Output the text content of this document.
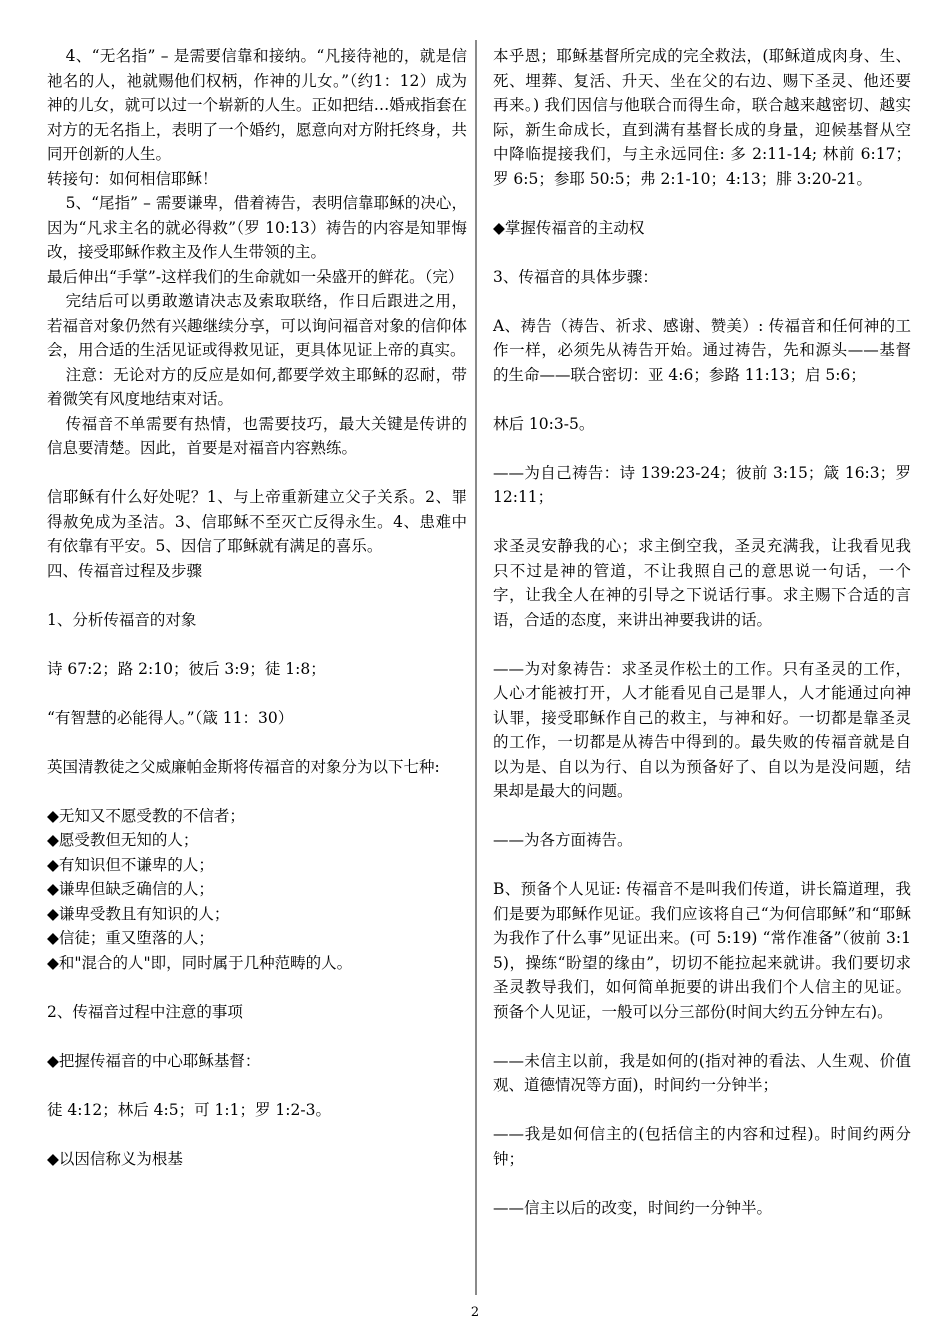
4、“无名指” – 是需要信靠和接纳。“凡接待祂的，就是信祂名的人，祂就赐他们权柄，作神的儿女。”（约1：12）成为神的儿女，就可以过一个崭新的人生。正如把结…婚戒指套在对方的无名指上，表明了一个婚约，愿意向对方附托终身，共同开创新的人生。

转接句：如何相信耶稣！

5、“尾指” – 需要谦卑，借着祷告，表明信靠耶稣的决心，因为“凡求主名的就必得救”（罗 10:13）祷告的内容是知罪悔改，接受耶稣作救主及作人生带领的主。

最后伸出“手掌”-这样我们的生命就如一朵盛开的鲜花。（完）

完结后可以勇敢邀请决志及索取联络，作日后跟进之用，若福音对象仍然有兴趣继续分享，可以询问福音对象的信仰体会，用合适的生活见证或得救见证，更具体见证上帝的真实。

注意：无论对方的反应是如何,都要学效主耶稣的忍耐，带着微笑有风度地结束对话。

传福音不单需要有热情，也需要技巧，最大关键是传讲的信息要清楚。因此，首要是对福音内容熟练。

信耶稣有什么好处呢？1、与上帝重新建立父子关系。2、罪得赦免成为圣洁。3、信耶稣不至灭亡反得永生。4、患难中有依靠有平安。5、因信了耶稣就有满足的喜乐。

四、传福音过程及步骤

1、分析传福音的对象

诗 67:2；路 2:10；彼后 3:9；徒 1:8；

“有智慧的必能得人。”（箴 11：30）

英国清教徒之父威廉帕金斯将传福音的对象分为以下七种:

◆无知又不愿受教的不信者；

◆愿受教但无知的人；

◆有知识但不谦卑的人；

◆谦卑但缺乏确信的人；

◆谦卑受教且有知识的人；

◆信徒；重又堕落的人；

◆和"混合的人"即，同时属于几种范畴的人。

2、传福音过程中注意的事项

◆把握传福音的中心耶稣基督：

徒 4:12；林后 4:5；可 1:1；罗 1:2-3。

◆以因信称义为根基

本乎恩；耶稣基督所完成的完全救法，(耶稣道成肉身、生、死、埋葬、复活、升天、坐在父的右边、赐下圣灵、他还要再来。) 我们因信与他联合而得生命，联合越来越密切、越实际，新生命成长，直到满有基督长成的身量，迎候基督从空中降临提接我们，与主永远同住: 多 2:11-14; 林前 6:17；罗 6:5；参耶 50:5；弗 2:1-10；4:13；腓 3:20-21。

◆掌握传福音的主动权

3、传福音的具体步骤：

A、祷告（祷告、祈求、感谢、赞美）: 传福音和任何神的工作一样，必须先从祷告开始。通过祷告，先和源头——基督的生命——联合密切：亚 4:6；参路 11:13；启 5:6；

林后 10:3-5。

——为自己祷告：诗 139:23-24；彼前 3:15；箴 16:3；罗 12:11；

求圣灵安静我的心；求主倒空我，圣灵充满我，让我看见我只不过是神的管道，不让我照自己的意思说一句话，一个字，让我全人在神的引导之下说话行事。求主赐下合适的言语，合适的态度，来讲出神要我讲的话。

——为对象祷告：求圣灵作松土的工作。只有圣灵的工作，人心才能被打开，人才能看见自己是罪人，人才能通过向神认罪，接受耶稣作自己的救主，与神和好。一切都是靠圣灵的工作，一切都是从祷告中得到的。最失败的传福音就是自以为是、自以为行、自以为预备好了、自以为是没问题，结果却是最大的问题。

——为各方面祷告。

B、预备个人见证: 传福音不是叫我们传道，讲长篇道理，我们是要为耶稣作见证。我们应该将自己“为何信耶稣”和“耶稣为我作了什么事”见证出来。(可 5:19) “常作准备”（彼前 3:15)，操练“盼望的缘由”，切切不能拉起来就讲。我们要切求圣灵教导我们，如何简单扼要的讲出我们个人信主的见证。预备个人见证，一般可以分三部份(时间大约五分钟左右)。

——未信主以前，我是如何的(指对神的看法、人生观、价值观、道德情况等方面)，时间约一分钟半；

——我是如何信主的(包括信主的内容和过程)。时间约两分钟；

——信主以后的改变，时间约一分钟半。

2
